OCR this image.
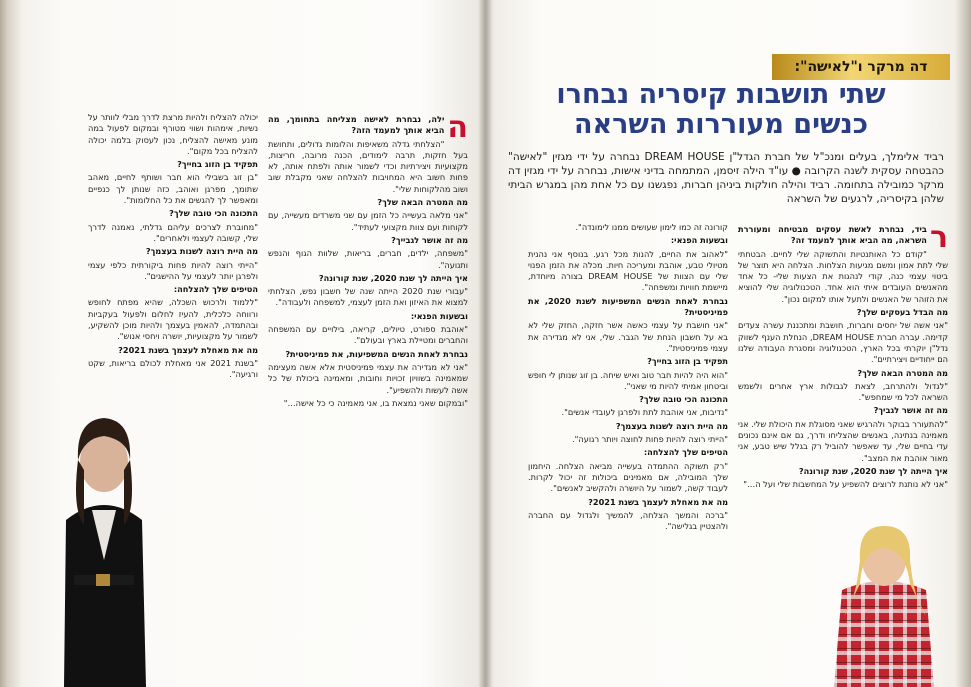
ה
ילה, נבחרת לאישה מצליחה בתחומך, מה הביא אותך למעמד הזה?

"הצלחתי גדלה משאיפות והלומות גדולים, ותחושת בעל חזקות, תרבה לימודים, הכנה מרובה, חריצות, מקצועיות ויצירתיות וכדי לשמור אותה ולפתח אותה, לא פחות חשוב היא המחויבות להצלחה שאני מקבלת שוב ושוב מהלקוחות שלי".

מה המטרה הבאה שלך?

"אני מלאה בעשייה כל הזמן עם שני משרדים מעשייה, עם לקוחות ועם צוות מקצועי לעתיד".

מה זה אושר לגבייך?

"משפחה, ילדים, חברים, בריאות, שלוות הגוף והנפש ותנועה".

איך הייתה לך שנת 2020, שנת קורונה?

"עבורי שנת 2020 הייתה שנה של חשבון נפש, הצלחתי למצוא את האיזון ואת הזמן לעצמי, למשפחה ולעבודה".

ובשעות הפנאי:

"אוהבת ספורט, טיולים, קריאה, בילויים עם המשפחה והחברים ומטיילת בארץ ובעולם".

נבחרת לאחת הנשים המשפיעות, את פמיניסטית?

"אני לא מגדירה את עצמי פמיניסטית אלא אשה מעצימה שמאמינה בשוויון זכויות וחובות, ומאמינה ביכולת של כל אשה לעשות ולהשפיע".

"ובמקום שאני נמצאת בו, אני מאמינה כי כל אישה…"

יכולה להצליח ולהיות מרצת לדרך מבלי לוותר על נשיות, אימהות ושווי מטורף ובמקום לפעול במה מונע מאישה להצליח, נכון לעסוק בלמה יכולה להצליח בכל מקום".

תפקיד בן הזוג בחייך?

"בן זוג בשבילי הוא חבר ושותף לחיים, מאהב שתומך, מפרגן ואוהב, כזה שנותן לך כנפיים ומאפשר לך להגשים את כל החלומות".

התכונה הכי טובה שלך?

"מחוברת לצרכים עליהם גדלתי, נאמנה לדרך שלי, קשובה לעצמי ולאחרים".

מה היית רוצה לשנות בעצמך?

"הייתי רוצה להיות פחות ביקורתית כלפי עצמי ולפרגן יותר לעצמי על ההישגים".

הטיפים שלך להצלחה:

"ללמוד ולרכוש השכלה, שהיא מפתח לחופש ורווחה כלכלית, להעיז לחלום ולפעול בעקביות ובהתמדה, להאמין בעצמך ולהיות מוכן להשקיע, לשמור על מקצועיות, יושרה ויחסי אנוש".

מה את מאחלת לעצמך בשנת 2021?

"בשנת 2021 אני מאחלת לכולם בריאות, שקט ורגיעה".

דה מרקר ו"לאישה":
שתי תושבות קיסריה נבחרו כנשים מעוררות השראה
רביד אלימלך, בעלים ומנכ"ל של חברת הגדל"ן DREAM HOUSE נבחרה על ידי מגזין "לאישה" כהבטחה עסקית לשנה הקרובה ● עו"ד הילה זיסמן, המתמחה בדיני אישות, נבחרה על ידי מגזין דה מרקר כמובילה בתחומה. רביד והילה חולקות ביניהן חברות, נפגשנו עם כל אחת מהן במגרש הביתי שלהן בקיסריה, לרגעים של השראה

ר
ביד, נבחרת לאשת עסקים מבטיחה ומעוררת השראה, מה הביא אותך למעמד זה?

"קודם כל האותנטיות והתשוקה שלי לחיים. הבטחתי שלי לתת אמון ומשם מגיעות הצלחות. הצלחה היא תוצר של ביטוי עצמי כנה, קודי לנהגות את הצעות שלי- כל אחד מהאנשים העובדים איתי הוא אחד. הטכנולוגיה שלי להוציא את הזוהר של האנשים ולתעל אותו למקום נכון".

מה הבדל בעסקים שלך?

"אני אשה של יחסים וחברות, חושבת ומתכננת עשרה צעדים קדימה. עברה חברת DREAM HOUSE, הנחלת הענף לשווק נדל"ן יוקרתי בכל הארץ, הטכנולוגיה ומסגרת העבודה שלנו הם ייחודיים ויצירתיים".

מה המטרה הבאה שלך?

"לגדול ולהתרחב, לצאת לגבולות ארץ אחרים ולשמש השראה לכל מי שמחפש".

מה זה אושר לגביך?

"להתעורר בבוקר ולהרגיש שאני מסוגלת את היכולת שלי. אני מאמינה בנתינה, באנשים שהצליחו ודרך, גם אם אינם נכונים עדי בחיים שלי, עד שאפשר להוביל רק בגלל שיש טבע, אני מאור אוהבת את המצב".

איך הייתה לך שנת 2020, שנת קורונה?

"אני לא נותנת לרוצים להשפיע על המחשבות שלי ועל ה…"

קורונה זה כמו לימון שעושים ממנו לימונדה".

ובשעות הפנאי:

"לאהוב את החיים, להנות מכל רגע. בנוסף אני נהנית מטיולי טבע, אוהבת ומעריכה חיות. מכלה את הזמן הפנוי שלי עם הצוות של DREAM HOUSE בצורה מיוחדת, מיישמת חוויות ומשפחה".

נבחרת לאחת הנשים המשפיעות לשנת 2020, את פמיניסטית?

"אני חושבת על עצמי כאשה אשר חזקה, החזק שלי לא בא על חשבון הנחת של הגבר. שלי, אני לא מגדירה את עצמי פמיניסטית".

תפקיד בן הזוג בחייך?

"הוא היה להיות חבר טוב ואיש שיחה. בן זוג שנותן לי חופש וביטחון אמיתי להיות מי שאני".

התכונה הכי טובה שלך?

"נדיבות, אני אוהבת לתת ולפרגן לעובדי אנשים".

מה היית רוצה לשנות בעצמך?

"הייתי רוצה להיות פחות לחוצה ויותר רגועה".

הטיפים שלך להצלחה:

"רק תשוקה ההתמדה בעשייה מביאה הצלחה. היחמון שלך המובילה, אם מאמינים ביכולות זה יכול לקרות. לעבוד קשה, לשמור על היושרה ולהקשיב לאנשים".

מה את מאחלת לעצמך בשנת 2021?

"ברכה והמשך הצלחה, להמשיך ולגדול עם החברה ולהצטיין בגלישה".
